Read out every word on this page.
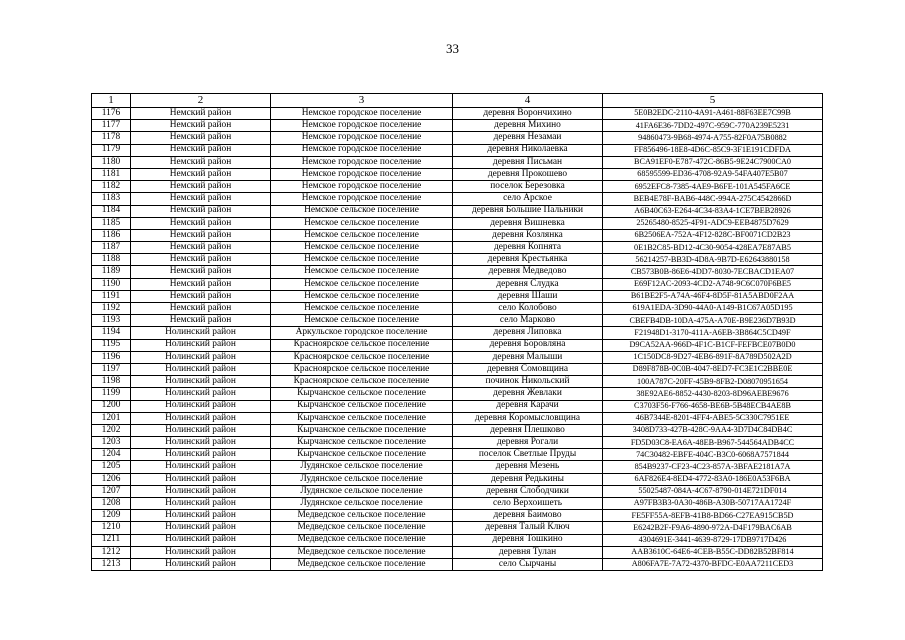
33
1	2	3	4	5
1176	Немский район	Немское городское поселение	деревня Ворончихино	5E0B2EDC-2110-4A91-A461-88F63EE7C99B
1177	Немский район	Немское городское поселение	деревня Михино	41FA6E36-7DD2-497C-959C-770A239E5231
1178	Немский район	Немское городское поселение	деревня Незамаи	94860473-9B68-4974-A755-82F0A75B0882
1179	Немский район	Немское городское поселение	деревня Николаевка	FF856496-18E8-4D6C-85C9-3F1E191CDFDA
1180	Немский район	Немское городское поселение	деревня Письман	BCA91EF0-E787-472C-86B5-9E24C7900CA0
1181	Немский район	Немское городское поселение	деревня Прокошево	68595599-ED36-4708-92A9-54FA407E5B07
1182	Немский район	Немское городское поселение	поселок Березовка	6952EFC8-7385-4AE9-B6FE-101A545FA6CE
1183	Немский район	Немское городское поселение	село Арское	BEB4E78F-BAB6-448C-994A-275C4542866D
1184	Немский район	Немское сельское поселение	деревня Большие Пальники	A6B40C63-E264-4C34-83A4-1CE7BEB28926
1185	Немский район	Немское сельское поселение	деревня Вишневка	25265480-8525-4F91-ADC9-EEB4875D7629
1186	Немский район	Немское сельское поселение	деревня Козлянка	6B2506EA-752A-4F12-828C-BF0071CD2B23
1187	Немский район	Немское сельское поселение	деревня Копнята	0E1B2C85-BD12-4C30-9054-428EA7E87AB5
1188	Немский район	Немское сельское поселение	деревня Крестьянка	56214257-BB3D-4D8A-9B7D-E62643880158
1189	Немский район	Немское сельское поселение	деревня Медведово	CB573B0B-86E6-4DD7-8030-7ECBACD1EA07
1190	Немский район	Немское сельское поселение	деревня Слудка	E69F12AC-2093-4CD2-A748-9C6C070F6BE5
1191	Немский район	Немское сельское поселение	деревня Шаши	B61BE2F5-A74A-46F4-8D5F-81A5ABD0F2AA
1192	Немский район	Немское сельское поселение	село Колобово	619A1EDA-3D90-44A0-A149-B1C67A05D195
1193	Немский район	Немское сельское поселение	село Марково	CBEFB4DB-10DA-475A-A70E-B9E236D7B93D
1194	Нолинский район	Аркульское городское поселение	деревня Липовка	F21948D1-3170-411A-A6EB-3B864C5CD49F
1195	Нолинский район	Красноярское сельское поселение	деревня Боровляна	D9CA52AA-966D-4F1C-B1CF-FEFBCE07B0D0
1196	Нолинский район	Красноярское сельское поселение	деревня Малыши	1C150DC8-9D27-4EB6-891F-8A789D502A2D
1197	Нолинский район	Красноярское сельское поселение	деревня Сомовщина	D89F878B-0C0B-4047-8ED7-FC3E1C2BBE0E
1198	Нолинский район	Красноярское сельское поселение	починок Никольский	100A787C-20FF-45B9-8FB2-D08070951654
1199	Нолинский район	Кырчанское сельское поселение	деревня Жевлаки	38E92AE6-8852-4430-8203-8D96AEBE9676
1200	Нолинский район	Кырчанское сельское поселение	деревня Карачи	C3703F56-F766-4658-BE6B-5B48ECB4AE8B
1201	Нолинский район	Кырчанское сельское поселение	деревня Коромысловщина	46B7344E-8201-4FF4-ABE5-5C330C7951EE
1202	Нолинский район	Кырчанское сельское поселение	деревня Плешково	3408D733-427B-428C-9AA4-3D7D4C84DB4C
1203	Нолинский район	Кырчанское сельское поселение	деревня Рогали	FD5D03C8-EA6A-48EB-B967-544564ADB4CC
1204	Нолинский район	Кырчанское сельское поселение	поселок Светлые Пруды	74C30482-EBFE-404C-B3C0-6068A7571844
1205	Нолинский район	Лудянское сельское поселение	деревня Мезень	854B9237-CF23-4C23-857A-3BFAE2181A7A
1206	Нолинский район	Лудянское сельское поселение	деревня Редькины	6AF826E4-8ED4-4772-83A0-186E0A53F6BA
1207	Нолинский район	Лудянское сельское поселение	деревня Слободчики	55025487-084A-4C67-8790-014E721DF014
1208	Нолинский район	Лудянское сельское поселение	село Верхоишеть	A97FB3B3-0A30-486B-A30B-50717AA1724F
1209	Нолинский район	Медведское сельское поселение	деревня Баимово	FE5FF55A-8EFB-41B8-BD66-C27EA915CB5D
1210	Нолинский район	Медведское сельское поселение	деревня Талый Ключ	E6242B2F-F9A6-4890-972A-D4F179BAC6AB
1211	Нолинский район	Медведское сельское поселение	деревня Тошкино	4304691E-3441-4639-8729-17DB9717D426
1212	Нолинский район	Медведское сельское поселение	деревня Тулан	AAB3610C-64E6-4CEB-B55C-DD82B52BF814
1213	Нолинский район	Медведское сельское поселение	село Сырчаны	A806FA7E-7A72-4370-BFDC-E0AA7211CED3
